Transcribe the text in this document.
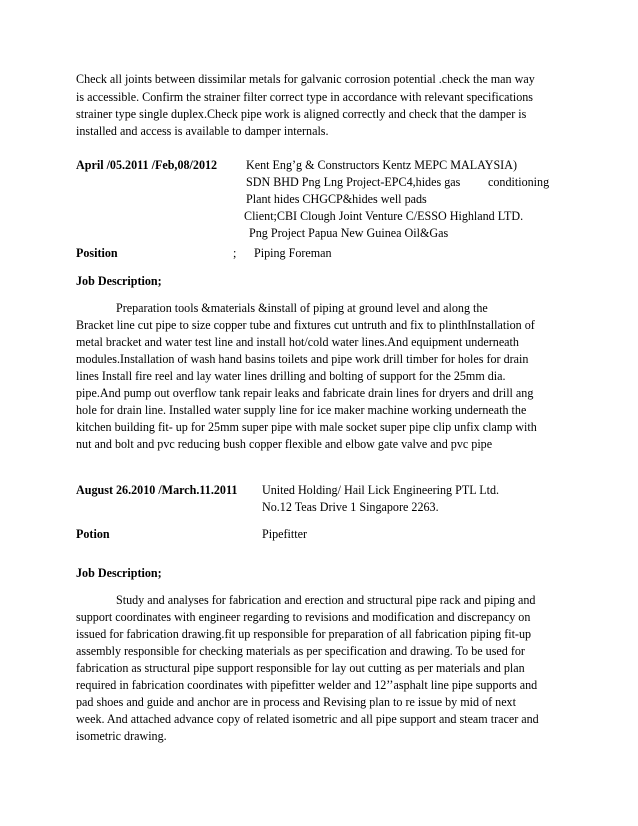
Check all joints between dissimilar metals for galvanic corrosion potential .check the man way
is accessible. Confirm the strainer filter correct type in accordance with relevant specifications
strainer type single duplex.Check pipe work is aligned correctly and check that the damper is
installed and access is available to damper internals.
April /05.2011 /Feb,08/2012 Kent Eng’g & Constructors Kentz MEPC MALAYSIA)
SDN BHD Png Lng Project-EPC4,hides gas conditioning
Plant hides CHGCP&hides well pads
Client;CBI Clough Joint Venture C/ESSO Highland LTD.
Png Project Papua New Guinea Oil&Gas
Position	; Piping Foreman
Job Description;
Preparation tools &materials &install of piping at ground level and along the
Bracket line cut pipe to size copper tube and fixtures cut untruth and fix to plinthInstallation of
metal bracket and water test line and install hot/cold water lines.And equipment underneath
modules.Installation of wash hand basins toilets and pipe work drill timber for holes for drain
lines Install fire reel and lay water lines drilling and bolting of support for the 25mm dia.
pipe.And pump out overflow tank repair leaks and fabricate drain lines for dryers and drill ang
hole for drain line. Installed water supply line for ice maker machine working underneath the
kitchen building fit- up for 25mm super pipe with male socket super pipe clip unfix clamp with
nut and bolt and pvc reducing bush copper flexible and elbow gate valve and pvc pipe
August 26.2010 /March.11.2011 United Holding/ Hail Lick Engineering PTL Ltd.
No.12 Teas Drive 1 Singapore 2263.
Potion	Pipefitter
Job Description;
Study and analyses for fabrication and erection and structural pipe rack and piping and
support coordinates with engineer regarding to revisions and modification and discrepancy on
issued for fabrication drawing.fit up responsible for preparation of all fabrication piping fit-up
assembly responsible for checking materials as per specification and drawing. To be used for
fabrication as structural pipe support responsible for lay out cutting as per materials and plan
required in fabrication coordinates with pipefitter welder and 12’’asphalt line pipe supports and
pad shoes and guide and anchor are in process and Revising plan to re issue by mid of next
week. And attached advance copy of related isometric and all pipe support and steam tracer and
isometric drawing.
